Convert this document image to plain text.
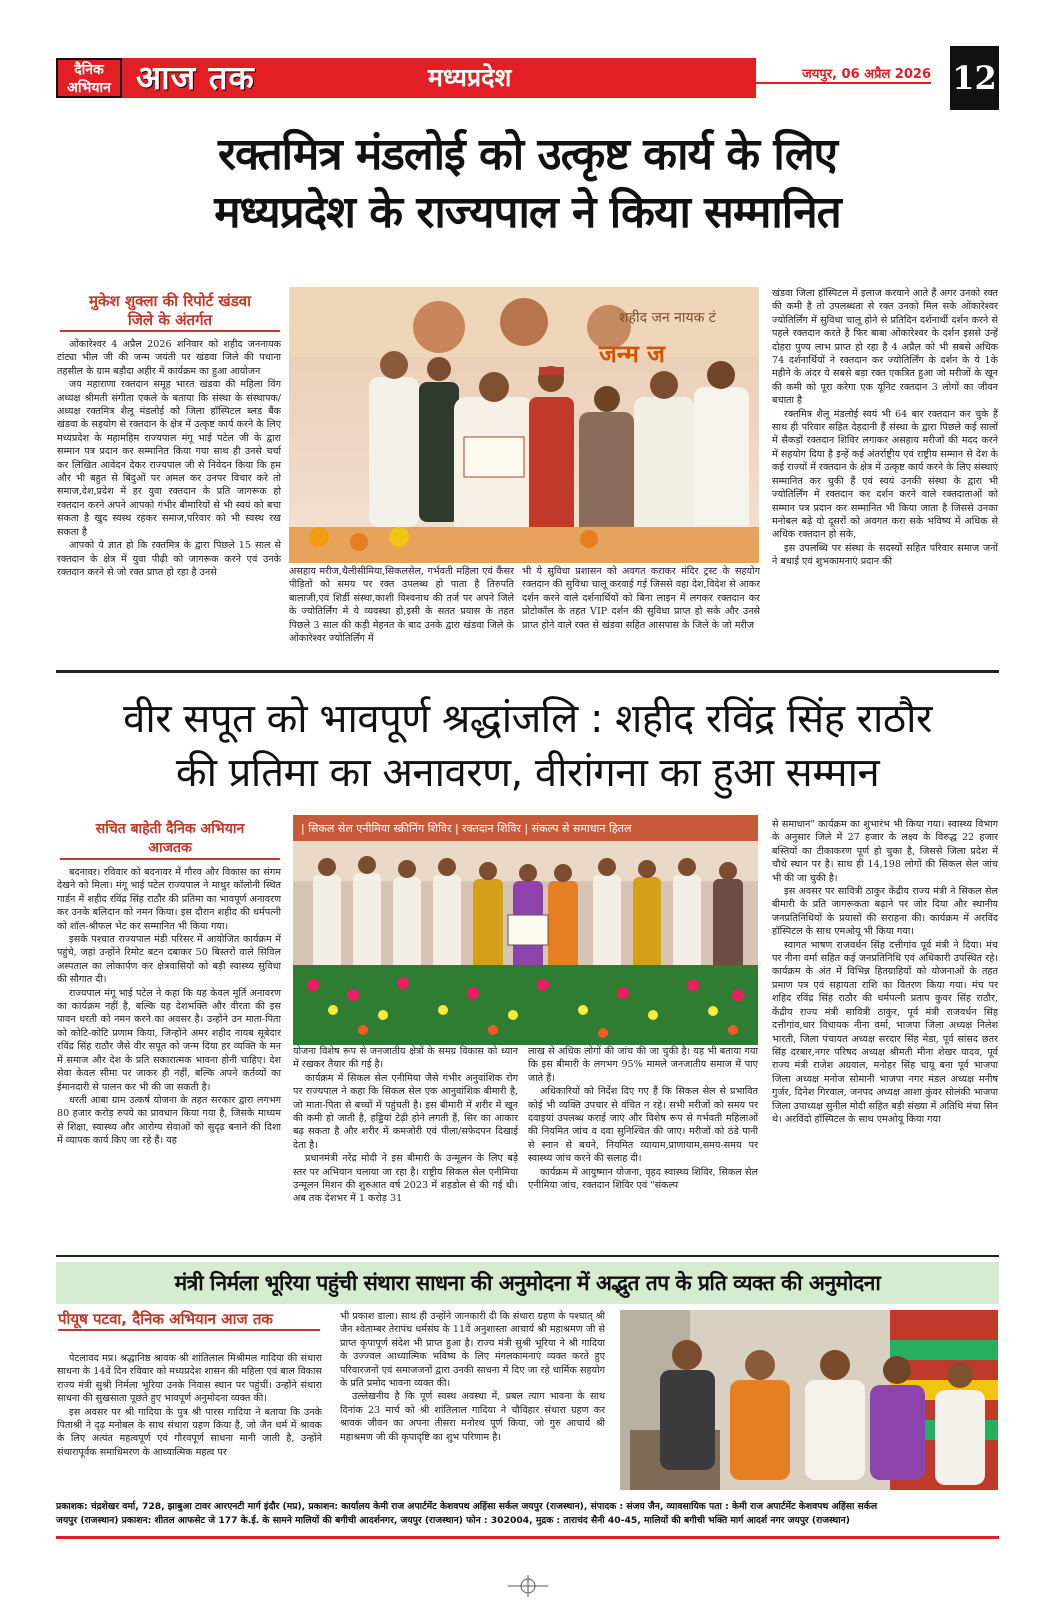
दैनिक
अभियान आज तक	मध्यप्रदेश	जयपुर, 06 अप्रैल 2026 12
रक्तमित्र मंडलोई को उत्कृष्ट कार्य के लिए
मध्यप्रदेश के राज्यपाल ने किया सम्मानित
मुकेश शुक्ला की रिपोर्ट खंडवा
जिले के अंतर्गत

ओंकारेश्वर 4 अप्रैल 2026 शनिवार को शहीद जननायक टांट्या भील जी की जन्म जयंती पर खंडवा जिले की पधाना तहसील के ग्राम बड़ौदा अहीर में कार्यक्रम का हुआ आयोजन

जय महाराणा रक्तदान समूह भारत खंडवा की महिला विंग अध्यक्ष श्रीमती संगीता एकले के बताया कि संस्था के संस्थापक/अध्यक्ष रक्तमित्र शैलू मंडलोई को जिला हॉस्पिटल ब्लड बैंक खंडवा के सहयोग से रक्तदान के क्षेत्र में उत्कृष्ट कार्य करने के लिए मध्यप्रदेश के महामहिम राज्यपाल मंगू भाई पटेल जी के द्वारा सम्मान पत्र प्रदान कर सम्मानित किया गया साथ ही उनसे चर्चा कर लिखित आवेदन देकर राज्यपाल जी से निवेदन किया कि हम और भी बहुत से बिंदुओं पर अमल कर उनपर विचार करे तो समाज,देश,प्रदेश में हर युवा रक्तदान के प्रति जागरूक हो रक्तदान करने अपने आपको गंभीर बीमारियों से भी स्वयं को बचा सकता है खुद स्वस्थ रहकर समाज,परिवार को भी स्वस्थ रख सकता है

आपको ये ज्ञात हो कि रक्तमित्र के द्वारा पिछले 15 साल से रक्तदान के क्षेत्र में युवा पीढ़ी को जागरूक करने एवं उनके रक्तदान करने से जो रक्त प्राप्त हो रहा है उनसे

शहीद जन नायक टं
जन्म ज

असहाय मरीज,थैलीसीमिया,सिकलसेल, गर्भवती महिला एवं कैंसर पीड़ितों को समय पर रक्त उपलब्ध हो पाता है तिरुपति बालाजी,एवं शिर्डी संस्था,काशी विश्वनाथ की तर्ज पर अपने जिले के ज्योतिर्लिंग में ये व्यवस्था हो,इसी के सतत प्रयास के तहत पिछले 3 साल की कड़ी मेहनत के बाद उनके द्वारा खंडवा जिले के ओंकारेश्वर ज्योतिर्लिंग में

भी ये सुविधा प्रशासन को अवगत कराकर मंदिर ट्रस्ट के सहयोग रक्तदान की सुविधा चालू करवाई गई जिससे वहा देश,विदेश से आकर दर्शन करने वाले दर्शनार्थियों को बिना लाइन में लगकर रक्तदान कर प्रोटोकॉल के तहत VIP दर्शन की सुविधा प्राप्त हो सके और उनसे प्राप्त होने वाले रक्त से खंडवा सहित आसपास के जिले के जो मरीज

खंडवा जिला हॉस्पिटल में इलाज करवाने आते हैं अगर उनको रक्त की कमी है तो उपलब्धता से रक्त उनको मिल सके ओंकारेश्वर ज्योतिर्लिंग में सुविधा चालू होने से प्रतिदिन दर्शनार्थी दर्शन करने से पहले रक्तदान करते है फिर बाबा ओंकारेश्वर के दर्शन इससे उन्हें दोहरा पुण्य लाभ प्राप्त हो रहा है 4 अप्रैल को भी सबसे अधिक 74 दर्शनार्थियों ने रक्तदान कर ज्योतिर्लिंग के दर्शन के ये 1के महीने के अंदर ये सबसे बड़ा रक्त एकत्रित हुआ जो मरीजों के खून की कमी को पूरा करेगा एक यूनिट रक्तदान 3 लोगों का जीवन बचाता है

रक्तमित्र शैलू मंडलोई स्वयं भी 64 बार रक्तदान कर चुके हैं साथ ही परिवार सहित देहदानी हैं संस्था के द्वारा पिछले कई सालों में सैकड़ों रक्तदान शिविर लगाकर असहाय मरीजों की मदद करने में सहयोग दिया है इन्हें कई अंतर्राष्ट्रीय एवं राष्ट्रीय सम्मान से देश के कई राज्यों में रक्तदान के क्षेत्र में उत्कृष्ट कार्य करने के लिए संस्थाएं सम्मानित कर चुकी हैं एवं स्वयं उनकी संस्था के द्वारा भी ज्योतिर्लिंग में रक्तदान कर दर्शन करने वाले रक्तदाताओं को सम्मान पत्र प्रदान कर सम्मानित भी किया जाता है जिससे उनका मनोबल बढ़े वो दूसरों को अवगत करा सके भविष्य में अधिक से अधिक रक्तदान हो सके,

इस उपलब्धि पर संस्था के सदस्यों सहित परिवार समाज जनों ने बधाई एवं शुभकामनाएं प्रदान की

वीर सपूत को भावपूर्ण श्रद्धांजलि : शहीद रविंद्र सिंह राठौर
की प्रतिमा का अनावरण, वीरांगना का हुआ सम्मान
सचित बाहेती दैनिक अभियान
आजतक

बदनावर। रविवार को बदनावर में गौरव और विकास का संगम देखने को मिला। मंगू भाई पटेल राज्यपाल ने माथुर कॉलोनी स्थित गार्डन में शहीद रविंद्र सिंह राठौर की प्रतिमा का भावपूर्ण अनावरण कर उनके बलिदान को नमन किया। इस दौरान शहीद की धर्मपत्नी को शॉल-श्रीफल भेंट कर सम्मानित भी किया गया।

इसके पश्चात राज्यपाल मंडी परिसर में आयोजित कार्यक्रम में पहुंचे, जहां उन्होंने रिमोट बटन दबाकर 50 बिस्तरों वाले सिविल अस्पताल का लोकार्पण कर क्षेत्रवासियों को बड़ी स्वास्थ्य सुविधा की सौगात दी।

राज्यपाल मंगू भाई पटेल ने कहा कि यह केवल मूर्ति अनावरण का कार्यक्रम नहीं है, बल्कि यह देशभक्ति और वीरता की इस पावन धरती को नमन करने का अवसर है। उन्होंने उन माता-पिता को कोटि-कोटि प्रणाम किया, जिन्होंने अमर शहीद नायब सूबेदार रविंद्र सिंह राठौर जैसे वीर सपूत को जन्म दिया हर व्यक्ति के मन में समाज और देश के प्रति सकारात्मक भावना होनी चाहिए। देश सेवा केवल सीमा पर जाकर ही नहीं, बल्कि अपने कर्तव्यों का ईमानदारी से पालन कर भी की जा सकती है।

धरती आबा ग्राम उत्कर्ष योजना के तहत सरकार द्वारा लगभग 80 हजार करोड़ रुपये का प्रावधान किया गया है, जिसके माध्यम से शिक्षा, स्वास्थ्य और आरोग्य सेवाओं को सुदृढ़ बनाने की दिशा में व्यापक कार्य किए जा रहे हैं। यह

| सिकल सेल एनीमिया स्क्रीनिंग शिविर | रक्तदान शिविर | संकल्प से समाधान हितल

योजना विशेष रूप से जनजातीय क्षेत्रों के समग्र विकास को ध्यान में रखकर तैयार की गई है।

कार्यक्रम में सिकल सेल एनीमिया जैसे गंभीर अनुवांशिक रोग पर राज्यपाल ने कहा कि सिकल सेल एक आनुवांशिक बीमारी है, जो माता-पिता से बच्चों में पहुंचती है। इस बीमारी में शरीर में खून की कमी हो जाती है, हड्डियां टेढ़ी होने लगती हैं, सिर का आकार बढ़ सकता है और शरीर में कमजोरी एवं पीला/सफेदपन दिखाई देता है।

प्रधानमंत्री नरेंद्र मोदी ने इस बीमारी के उन्मूलन के लिए बड़े स्तर पर अभियान चलाया जा रहा है। राष्ट्रीय सिकल सेल एनीमिया उन्मूलन मिशन की शुरुआत वर्ष 2023 में शहडोल से की गई थी। अब तक देशभर में 1 करोड़ 31

लाख से अधिक लोगों की जांच की जा चुकी है। यह भी बताया गया कि इस बीमारी के लगभग 95% मामले जनजातीय समाज में पाए जाते हैं।

अधिकारियों को निर्देश दिए गए हैं कि सिकल सेल से प्रभावित कोई भी व्यक्ति उपचार से वंचित न रहे। सभी मरीजों को समय पर दवाइयां उपलब्ध कराई जाएं और विशेष रूप से गर्भवती महिलाओं की नियमित जांच व दवा सुनिश्चित की जाए। मरीजों को ठंडे पानी से स्नान से बचने, नियमित व्यायाम,प्राणायाम,समय-समय पर स्वास्थ्य जांच करने की सलाह दी।

कार्यक्रम में आयुष्मान योजना, वृहद स्वास्थ्य शिविर, सिकल सेल एनीमिया जांच, रक्तदान शिविर एवं "संकल्प

से समाधान" कार्यक्रम का शुभारंभ भी किया गया। स्वास्थ्य विभाग के अनुसार जिले में 27 हजार के लक्ष्य के विरुद्ध 22 हजार बस्तियों का टीकाकरण पूर्ण हो चुका है, जिससे जिला प्रदेश में चौथे स्थान पर है। साथ ही 14,198 लोगों की सिकल सेल जांच भी की जा चुकी है।

इस अवसर पर सावित्री ठाकुर केंद्रीय राज्य मंत्री ने सिकल सेल बीमारी के प्रति जागरूकता बढ़ाने पर जोर दिया और स्थानीय जनप्रतिनिधियों के प्रयासों की सराहना की। कार्यक्रम में अरविंद हॉस्पिटल के साथ एमओयू भी किया गया।

स्वागत भाषण राजवर्धन सिंह दत्तीगांव पूर्व मंत्री ने दिया। मंच पर नीना वर्मा सहित कई जनप्रतिनिधि एवं अधिकारी उपस्थित रहे। कार्यक्रम के अंत में विभिन्न हितग्राहियों को योजनाओं के तहत प्रमाण पत्र एवं सहायता राशि का वितरण किया गया। मंच पर शहिद रविंद्र सिंह राठौर की धर्मपत्नी प्रताप कुवर सिंह राठौर, केंद्रीय राज्य मंत्री सावित्री ठाकुर, पूर्व मंत्री राजवर्धन सिंह दत्तीगांव,धार विधायक नीना वर्मा, भाजपा जिला अध्यक्ष निलेश भारती, जिला पंचायत अध्यक्ष सरदार सिंह मेडा, पूर्व सांसद छतर सिंह दरबार,नगर परिषद अध्यक्ष श्रीमती मीना शेखर यादव, पूर्व राज्य मंत्री राजेश अग्रवाल, मनोहर सिंह चायू बना पूर्व भाजपा जिला अध्यक्ष मनोज सोमानी भाजपा नगर मंडल अध्यक्ष मनीष गुर्जर, दिनेश गिरवाल, जनपद अध्यक्ष आशा कुंवर सोलंकी भाजपा जिला उपाध्यक्ष सुनील मोदी सहित बड़ी संख्या में अतिथि मंचा सिन थे। अरविंदो हॉस्पिटल के साथ एमओयू किया गया

मंत्री निर्मला भूरिया पहुंची संथारा साधना की अनुमोदना में अद्भुत तप के प्रति व्यक्त की अनुमोदना
पीयूष पटवा, दैनिक अभियान आज तक

पेटलावद मप्र। श्रद्धानिष्ठ श्रावक श्री शांतिलाल मिश्रीमल गादिया की संथारा साधना के 14वें दिन रविवार को मध्यप्रदेश शासन की महिला एवं बाल विकास राज्य मंत्री सुश्री निर्मला भूरिया उनके निवास स्थान पर पहुंचीं। उन्होंने संथारा साधना की सुखसाता पूछते हुए भावपूर्ण अनुमोदना व्यक्त की।

इस अवसर पर श्री गादिया के पुत्र श्री पारस गादिया ने बताया कि उनके पिताश्री ने दृढ़ मनोबल के साथ संथारा ग्रहण किया है, जो जैन धर्म में श्रावक के लिए अत्यंत महत्वपूर्ण एवं गौरवपूर्ण साधना मानी जाती है, उन्होंने संथारापूर्वक समाधिमरण के आध्यात्मिक महत्व पर

भी प्रकाश डाला। साथ ही उन्होंने जानकारी दी कि संथारा ग्रहण के पश्चात् श्री जैन श्वेताम्बर तेरापंथ धर्मसंघ के 11वें अनुशास्ता आचार्य श्री महाश्रमण जी से प्राप्त कृपापूर्ण संदेश भी प्राप्त हुआ है। राज्य मंत्री सुश्री भूरिया ने श्री गादिया के उज्ज्वल आध्यात्मिक भविष्य के लिए मंगलकामनाएं व्यक्त करते हुए परिवारजनों एवं समाजजनों द्वारा उनकी साधना में दिए जा रहे धार्मिक सहयोग के प्रति प्रमोद भावना व्यक्त की।

उल्लेखनीय है कि पूर्ण स्वस्थ अवस्था में, प्रबल त्याग भावना के साथ दिनांक 23 मार्च को श्री शांतिलाल गादिया ने चौविहार संथारा ग्रहण कर श्रावक जीवन का अपना तीसरा मनोरथ पूर्ण किया, जो गुरु आचार्य श्री महाश्रमण जी की कृपादृष्टि का शुभ परिणाम है।

प्रकाशक: चंद्रशेखर वर्मा, 728, झाबुआ टावर आरएनटी मार्ग इंदौर (मप्र), प्रकाशन: कार्यालय केमी राज अपार्टमेंट केशवपथ अहिंसा सर्कल जयपुर (राजस्थान), संपादक : संजय जैन, व्यावसायिक पता : केमी राज अपार्टमेंट केशवपथ अहिंसा सर्कल
जयपुर (राजस्थान) प्रकाशन: शीतल आफसेट जे 177 के.ई. के सामने मालियों की बगीची आदर्शनगर, जयपुर (राजस्थान) फोन : 302004, मुद्रक : ताराचंद सैनी 40-45, मालियों की बगीची भक्ति मार्ग आदर्श नगर जयपुर (राजस्थान)
